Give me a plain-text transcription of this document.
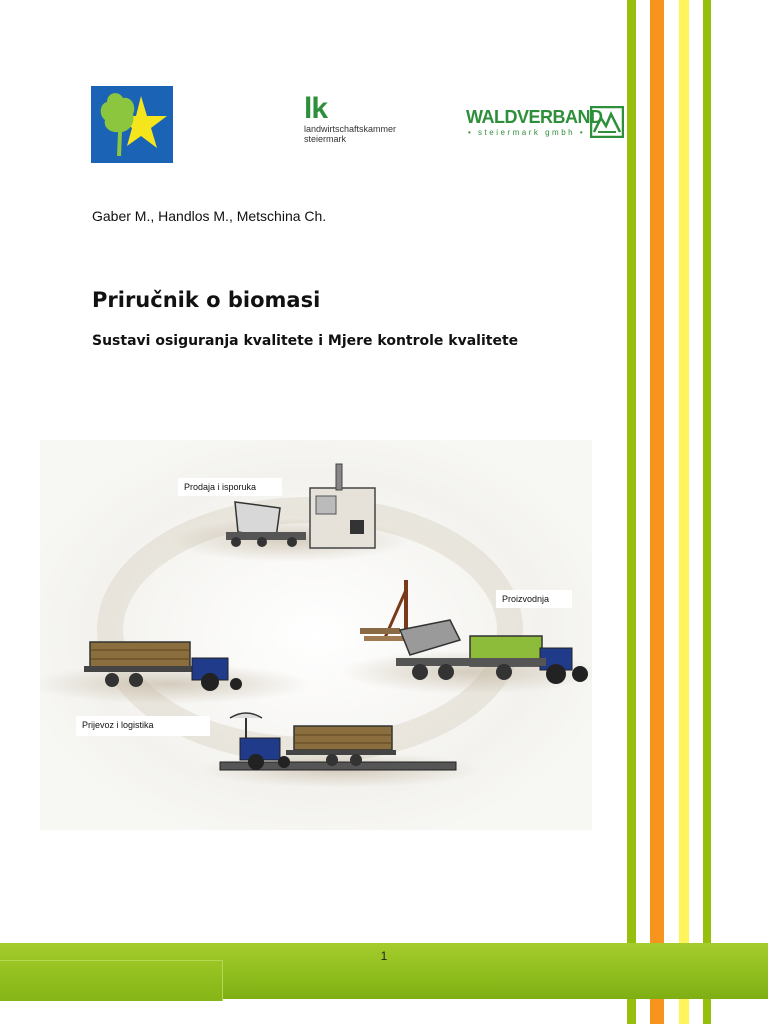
lk
landwirtschaftskammer
steiermark
WALDVERBAND
• steiermark gmbh •
Gaber M., Handlos M., Metschina Ch.
Priručnik o biomasi
Sustavi osiguranja kvalitete i Mjere kontrole kvalitete
Prodaja i isporuka
Proizvodnja
Prijevoz i logistika
1
